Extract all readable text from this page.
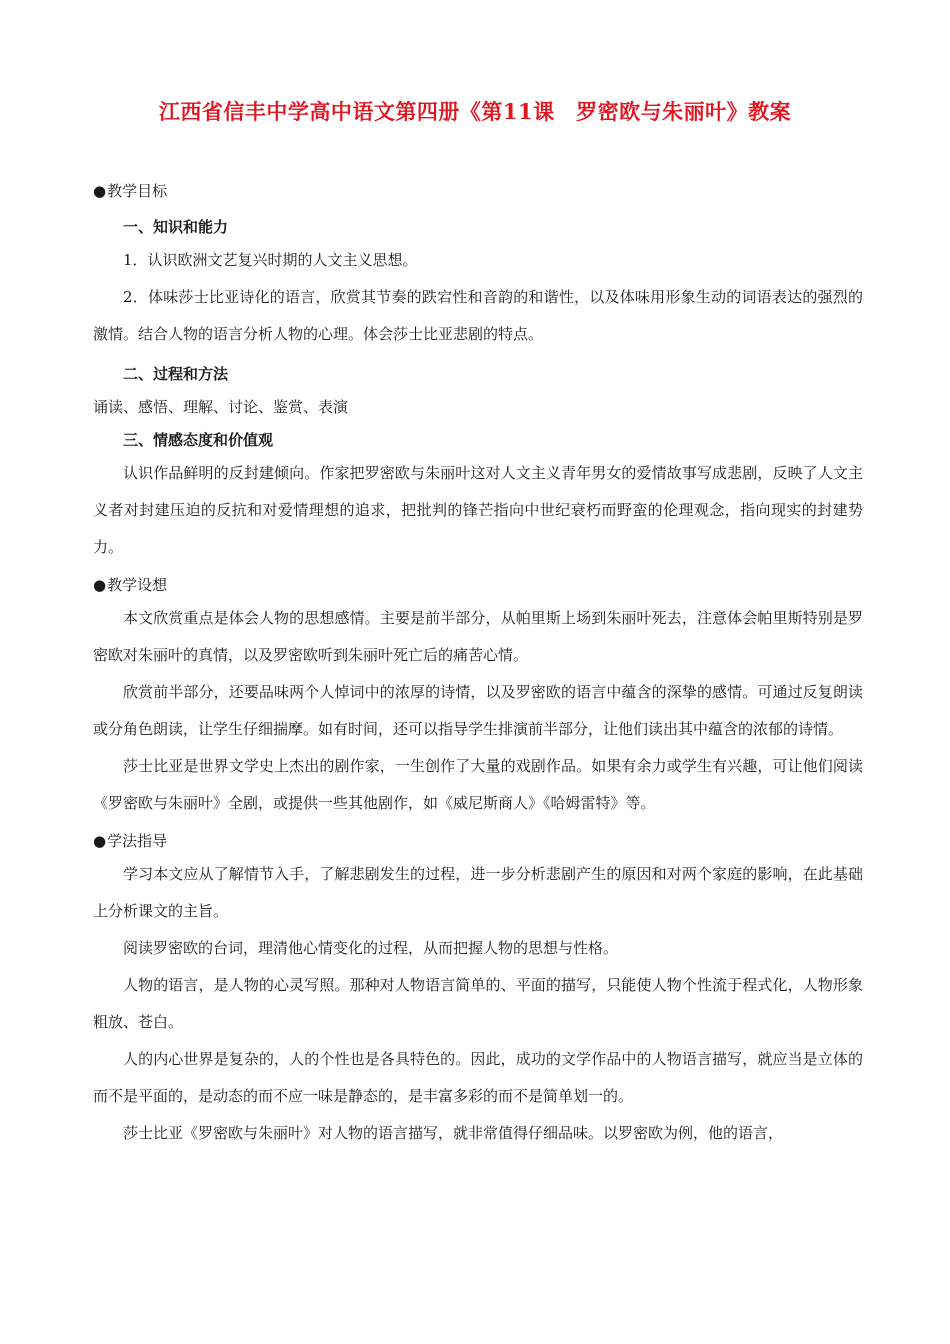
江西省信丰中学高中语文第四册《第11课　罗密欧与朱丽叶》教案
●教学目标
一、知识和能力

1．认识欧洲文艺复兴时期的人文主义思想。

2．体味莎士比亚诗化的语言，欣赏其节奏的跌宕性和音韵的和谐性，以及体味用形象生动的词语表达的强烈的激情。结合人物的语言分析人物的心理。体会莎士比亚悲剧的特点。

二、过程和方法

诵读、感悟、理解、讨论、鉴赏、表演

三、情感态度和价值观

认识作品鲜明的反封建倾向。作家把罗密欧与朱丽叶这对人文主义青年男女的爱情故事写成悲剧，反映了人文主义者对封建压迫的反抗和对爱情理想的追求，把批判的锋芒指向中世纪衰朽而野蛮的伦理观念，指向现实的封建势力。

●教学设想

本文欣赏重点是体会人物的思想感情。主要是前半部分，从帕里斯上场到朱丽叶死去，注意体会帕里斯特别是罗密欧对朱丽叶的真情，以及罗密欧听到朱丽叶死亡后的痛苦心情。

欣赏前半部分，还要品味两个人悼词中的浓厚的诗情，以及罗密欧的语言中蕴含的深挚的感情。可通过反复朗读或分角色朗读，让学生仔细揣摩。如有时间，还可以指导学生排演前半部分，让他们读出其中蕴含的浓郁的诗情。

莎士比亚是世界文学史上杰出的剧作家，一生创作了大量的戏剧作品。如果有余力或学生有兴趣，可让他们阅读《罗密欧与朱丽叶》全剧，或提供一些其他剧作，如《威尼斯商人》《哈姆雷特》等。

●学法指导

学习本文应从了解情节入手，了解悲剧发生的过程，进一步分析悲剧产生的原因和对两个家庭的影响，在此基础上分析课文的主旨。

阅读罗密欧的台词，理清他心情变化的过程，从而把握人物的思想与性格。

人物的语言，是人物的心灵写照。那种对人物语言简单的、平面的描写，只能使人物个性流于程式化，人物形象粗放、苍白。

人的内心世界是复杂的，人的个性也是各具特色的。因此，成功的文学作品中的人物语言描写，就应当是立体的而不是平面的，是动态的而不应一味是静态的，是丰富多彩的而不是简单划一的。

莎士比亚《罗密欧与朱丽叶》对人物的语言描写，就非常值得仔细品味。以罗密欧为例，他的语言，
